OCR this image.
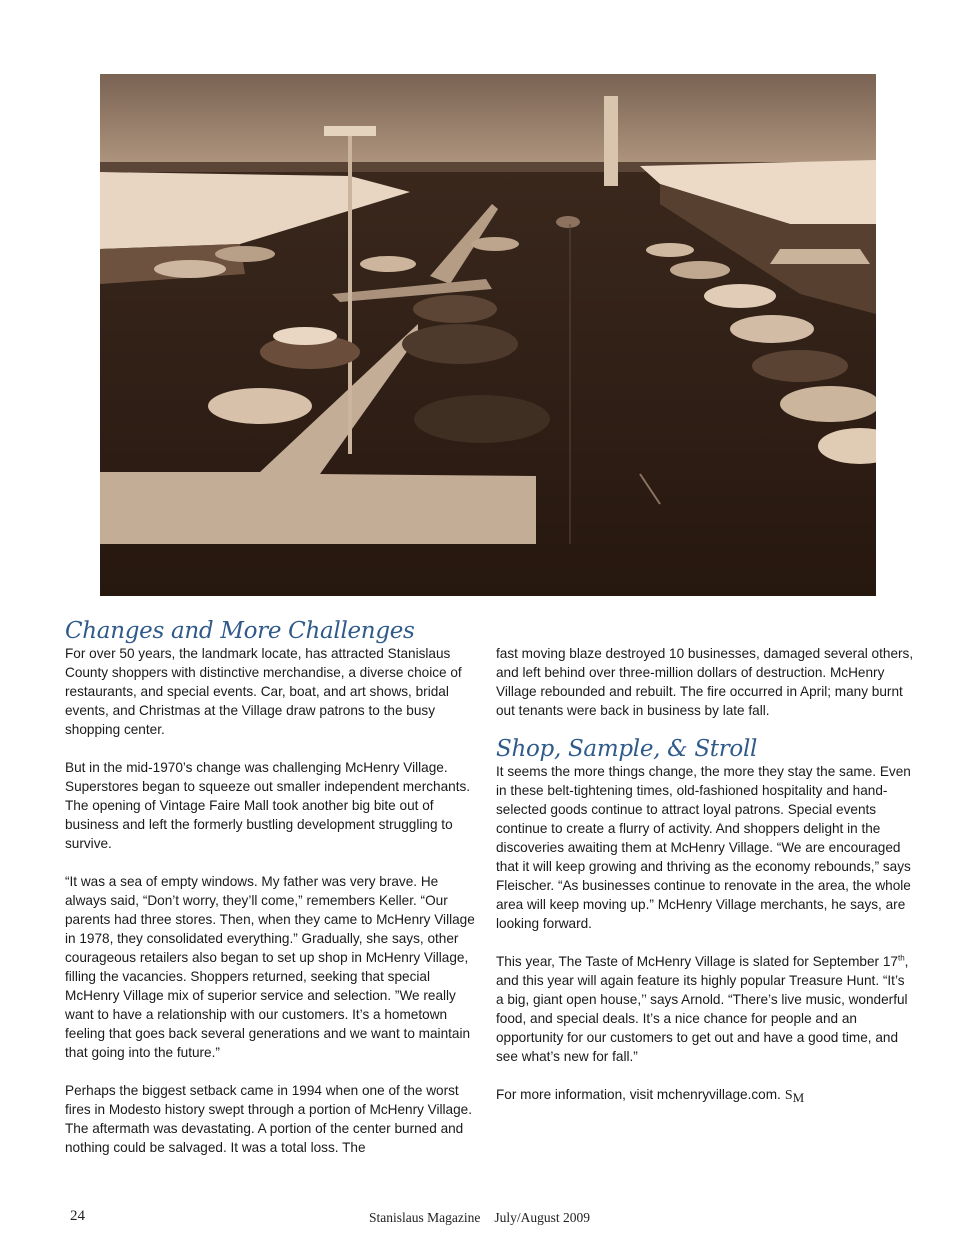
Changes and More Challenges

For over 50 years, the landmark locate, has attracted Stanislaus County shoppers with distinctive merchandise, a diverse choice of restaurants, and special events. Car, boat, and art shows, bridal events, and Christmas at the Village draw patrons to the busy shopping center.

But in the mid-1970’s change was challenging McHenry Village. Superstores began to squeeze out smaller independent merchants. The opening of Vintage Faire Mall took another big bite out of business and left the formerly bustling development struggling to survive.

“It was a sea of empty windows. My father was very brave. He always said, “Don’t worry, they’ll come,” remembers Keller. “Our parents had three stores. Then, when they came to McHenry Village in 1978, they consolidated everything.” Gradually, she says, other courageous retailers also began to set up shop in McHenry Village, filling the vacancies. Shoppers returned, seeking that special McHenry Village mix of superior service and selection. ”We really want to have a relationship with our customers. It’s a hometown feeling that goes back several generations and we want to maintain that going into the future.”

Perhaps the biggest setback came in 1994 when one of the worst fires in Modesto history swept through a portion of McHenry Village. The aftermath was devastating. A portion of the center burned and nothing could be salvaged. It was a total loss. The

fast moving blaze destroyed 10 businesses, damaged several others, and left behind over three-million dollars of destruction. McHenry Village rebounded and rebuilt. The fire occurred in April; many burnt out tenants were back in business by late fall.

Shop, Sample, & Stroll

It seems the more things change, the more they stay the same. Even in these belt-tightening times, old-fashioned hospitality and hand-selected goods continue to attract loyal patrons. Special events continue to create a flurry of activity. And shoppers delight in the discoveries awaiting them at McHenry Village. “We are encouraged that it will keep growing and thriving as the economy rebounds,” says Fleischer. “As businesses continue to renovate in the area, the whole area will keep moving up.” McHenry Village merchants, he says, are looking forward.

This year, The Taste of McHenry Village is slated for September 17th, and this year will again feature its highly popular Treasure Hunt. “It’s a big, giant open house,’’ says Arnold. “There’s live music, wonderful food, and special deals. It’s a nice chance for people and an opportunity for our customers to get out and have a good time, and see what’s new for fall.”

For more information, visit mchenryvillage.com. SM

24	Stanislaus Magazine July/August 2009
